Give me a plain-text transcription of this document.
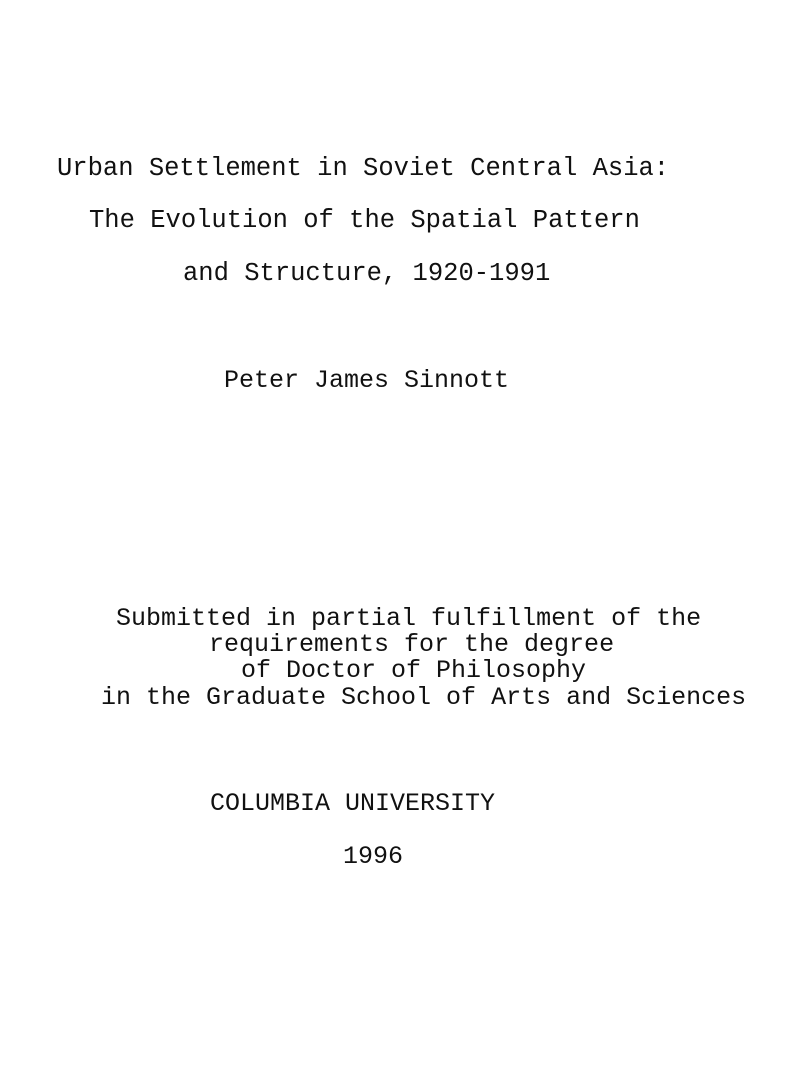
Urban Settlement in Soviet Central Asia:
The Evolution of the Spatial Pattern
and Structure, 1920-1991
Peter James Sinnott
Submitted in partial fulfillment of the
requirements for the degree
of Doctor of Philosophy
in the Graduate School of Arts and Sciences
COLUMBIA UNIVERSITY
1996
